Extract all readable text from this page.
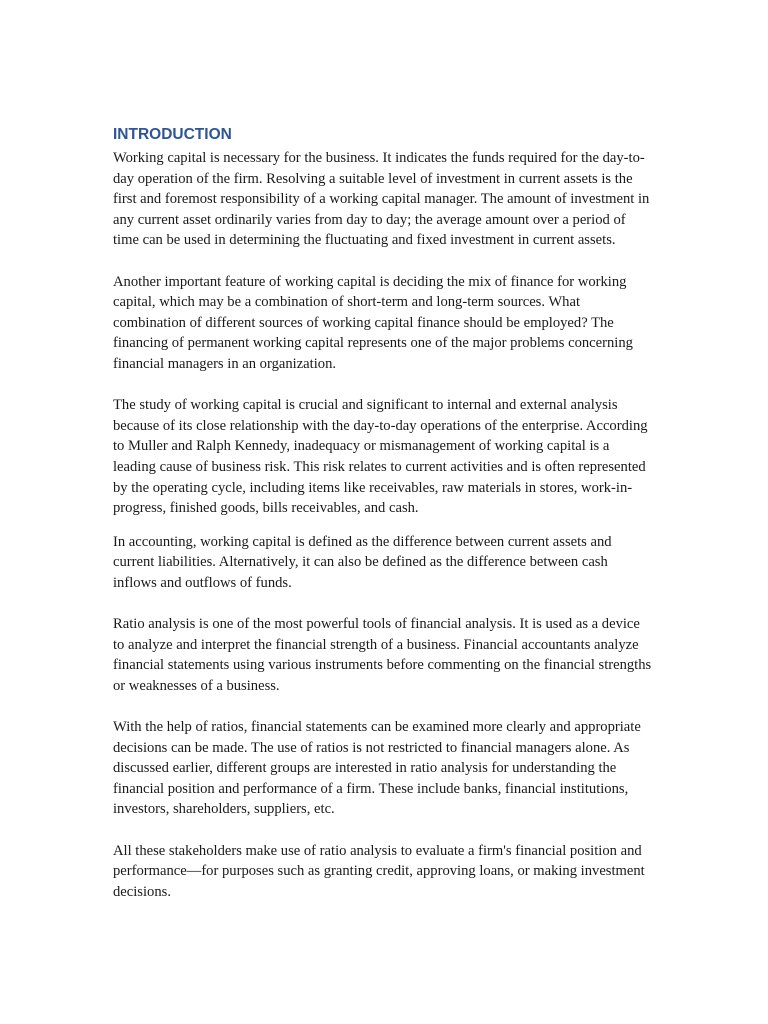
INTRODUCTION

Working capital is necessary for the business. It indicates the funds required for the day-to-day operation of the firm. Resolving a suitable level of investment in current assets is the first and foremost responsibility of a working capital manager. The amount of investment in any current asset ordinarily varies from day to day; the average amount over a period of time can be used in determining the fluctuating and fixed investment in current assets.

Another important feature of working capital is deciding the mix of finance for working capital, which may be a combination of short-term and long-term sources. What combination of different sources of working capital finance should be employed? The financing of permanent working capital represents one of the major problems concerning financial managers in an organization.

The study of working capital is crucial and significant to internal and external analysis because of its close relationship with the day-to-day operations of the enterprise. According to Muller and Ralph Kennedy, inadequacy or mismanagement of working capital is a leading cause of business risk. This risk relates to current activities and is often represented by the operating cycle, including items like receivables, raw materials in stores, work-in-progress, finished goods, bills receivables, and cash.

In accounting, working capital is defined as the difference between current assets and current liabilities. Alternatively, it can also be defined as the difference between cash inflows and outflows of funds.

Ratio analysis is one of the most powerful tools of financial analysis. It is used as a device to analyze and interpret the financial strength of a business. Financial accountants analyze financial statements using various instruments before commenting on the financial strengths or weaknesses of a business.

With the help of ratios, financial statements can be examined more clearly and appropriate decisions can be made. The use of ratios is not restricted to financial managers alone. As discussed earlier, different groups are interested in ratio analysis for understanding the financial position and performance of a firm. These include banks, financial institutions, investors, shareholders, suppliers, etc.

All these stakeholders make use of ratio analysis to evaluate a firm's financial position and performance—for purposes such as granting credit, approving loans, or making investment decisions.
